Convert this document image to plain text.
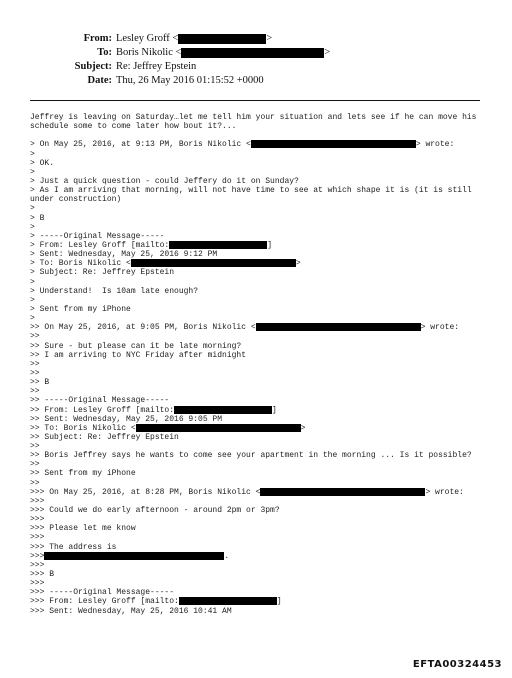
From: Lesley Groff <	>
To: Boris Nikolic <	>
Subject: Re: Jeffrey Epstein
Date: Thu, 26 May 2016 01:15:52 +0000
Jeffrey is leaving on Saturday…let me tell him your situation and lets see if he can move his
schedule some to come later how bout it?...
> On May 25, 2016, at 9:13 PM, Boris Nikolic <	> wrote:
>
> OK.
>
> Just a quick question - could Jeffery do it on Sunday?
> As I am arriving that morning, will not have time to see at which shape it is (it is still
under construction)
>
> B
>
> -----Original Message-----
> From: Lesley Groff [mailto:	]
> Sent: Wednesday, May 25, 2016 9:12 PM
> To: Boris Nikolic <	>
> Subject: Re: Jeffrey Epstein
>
> Understand!  Is 10am late enough?
>
> Sent from my iPhone
>
>> On May 25, 2016, at 9:05 PM, Boris Nikolic <	> wrote:
>>
>> Sure - but please can it be late morning?
>> I am arriving to NYC Friday after midnight
>>
>>
>> B
>>
>> -----Original Message-----
>> From: Lesley Groff [mailto:	]
>> Sent: Wednesday, May 25, 2016 9:05 PM
>> To: Boris Nikolic <	>
>> Subject: Re: Jeffrey Epstein
>>
>> Boris Jeffrey says he wants to come see your apartment in the morning ... Is it possible?
>>
>> Sent from my iPhone
>>
>>> On May 25, 2016, at 8:28 PM, Boris Nikolic <	> wrote:
>>>
>>> Could we do early afternoon - around 2pm or 3pm?
>>>
>>> Please let me know
>>>
>>> The address is
>>>	.
>>>
>>> B
>>>
>>> -----Original Message-----
>>> From: Lesley Groff [mailto:	]
>>> Sent: Wednesday, May 25, 2016 10:41 AM
EFTA00324453
